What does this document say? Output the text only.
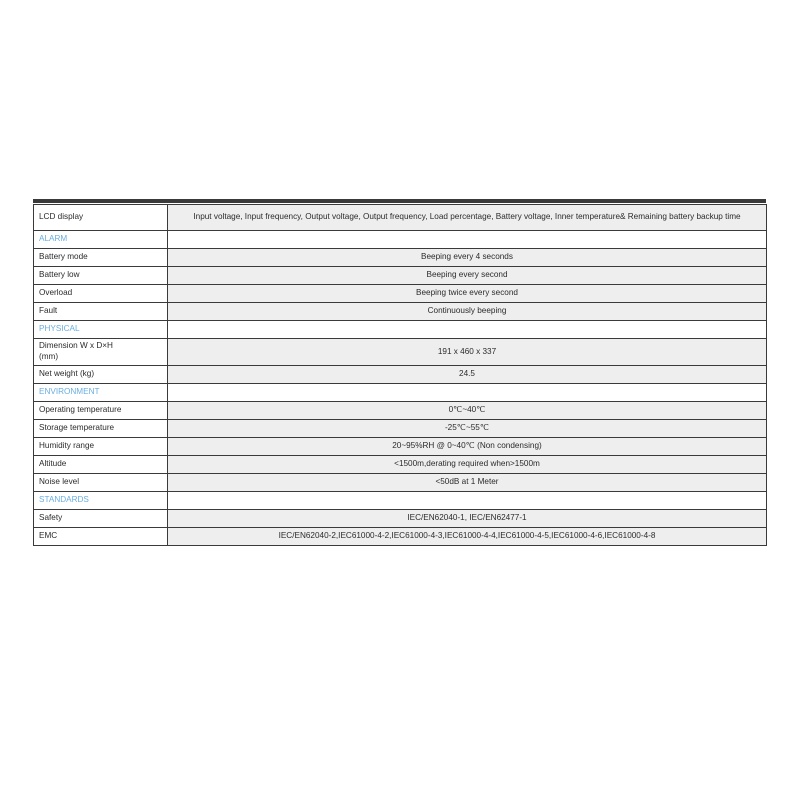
LCD display	Input voltage, Input frequency, Output voltage, Output frequency, Load percentage, Battery voltage, Inner temperature& Remaining battery backup time
ALARM	
Battery mode	Beeping every 4 seconds
Battery low	Beeping every second
Overload	Beeping twice every second
Fault	Continuously beeping
PHYSICAL	
Dimension W x D×H
(mm)	191 x 460 x 337
Net weight (kg)	24.5
ENVIRONMENT	
Operating temperature	0℃~40℃
Storage temperature	-25℃~55℃
Humidity range	20~95%RH @ 0~40℃ (Non condensing)
Altitude	<1500m,derating required when>1500m
Noise level	<50dB at 1 Meter
STANDARDS	
Safety	IEC/EN62040-1, IEC/EN62477-1
EMC	IEC/EN62040-2,IEC61000-4-2,IEC61000-4-3,IEC61000-4-4,IEC61000-4-5,IEC61000-4-6,IEC61000-4-8
